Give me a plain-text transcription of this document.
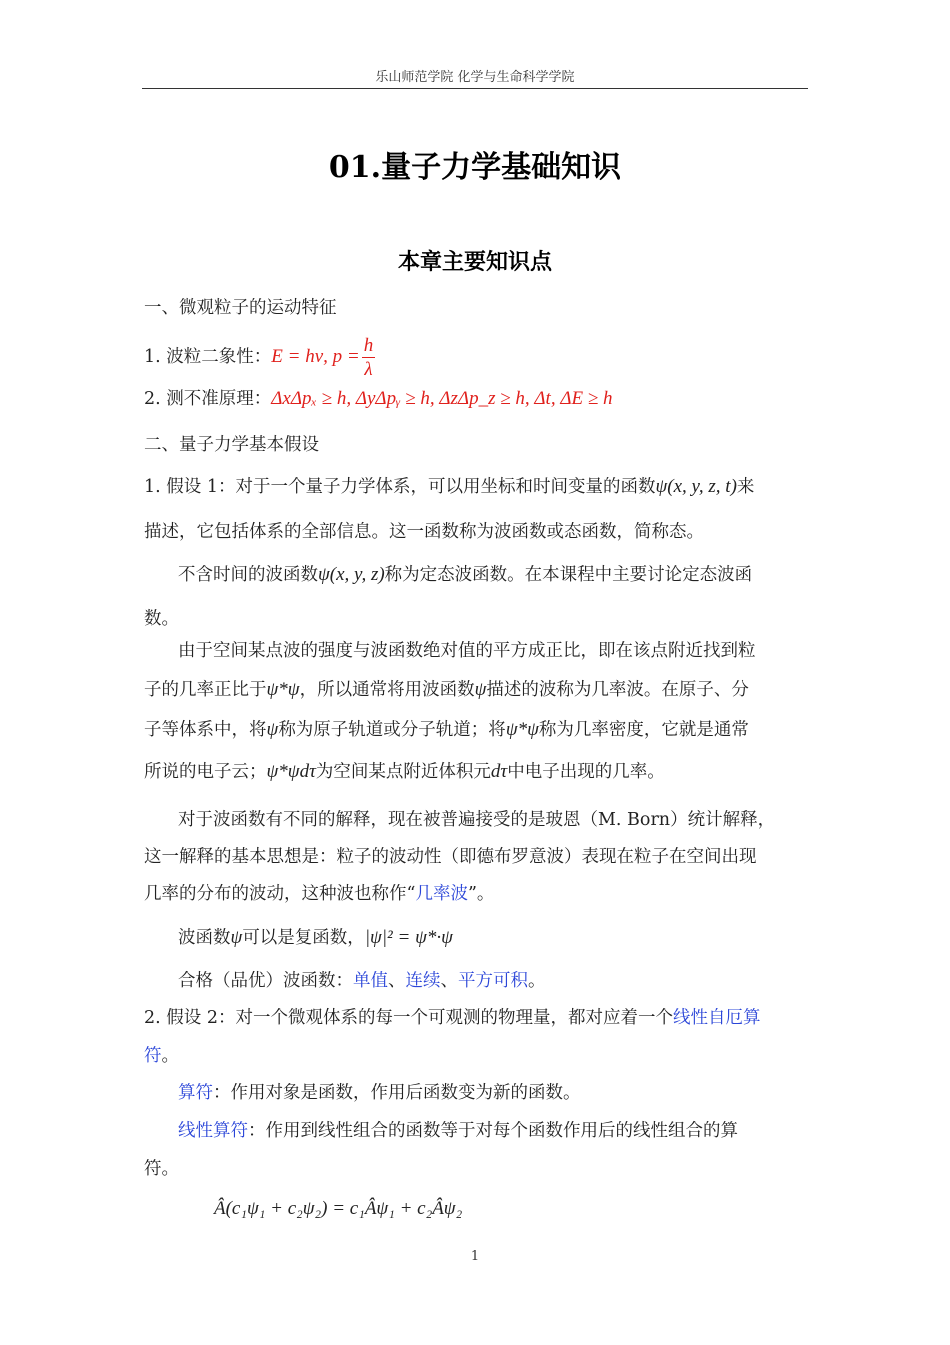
乐山师范学院 化学与生命科学学院
01.量子力学基础知识
本章主要知识点
一、微观粒子的运动特征
1. 波粒二象性：E = hν, $p = \frac{h}{\lambda}$
2. 测不准原理：ΔxΔpₓ ≥ h, ΔyΔpᵧ ≥ h, ΔzΔp_z ≥ h, Δt, ΔE ≥ h
二、量子力学基本假设
1. 假设 1：对于一个量子力学体系，可以用坐标和时间变量的函数ψ(x, y, z, t)来
描述，它包括体系的全部信息。这一函数称为波函数或态函数，简称态。
不含时间的波函数ψ(x, y, z)称为定态波函数。在本课程中主要讨论定态波函
数。
由于空间某点波的强度与波函数绝对值的平方成正比，即在该点附近找到粒
子的几率正比于ψ*ψ，所以通常将用波函数ψ描述的波称为几率波。在原子、分
子等体系中，将ψ称为原子轨道或分子轨道；将ψ*ψ称为几率密度，它就是通常
所说的电子云；ψ*ψdτ为空间某点附近体积元dτ中电子出现的几率。
对于波函数有不同的解释，现在被普遍接受的是玻恩（M. Born）统计解释，
这一解释的基本思想是：粒子的波动性（即德布罗意波）表现在粒子在空间出现
几率的分布的波动，这种波也称作“几率波”。
波函数ψ可以是复函数，|ψ|² = ψ*·ψ
合格（品优）波函数：单值、连续、平方可积。
2. 假设 2：对一个微观体系的每一个可观测的物理量，都对应着一个线性自厄算
符。
算符：作用对象是函数，作用后函数变为新的函数。
线性算符：作用到线性组合的函数等于对每个函数作用后的线性组合的算
符。
Â(c₁ψ₁ + c₂ψ₂) = c₁Âψ₁ + c₂Âψ₂
1
